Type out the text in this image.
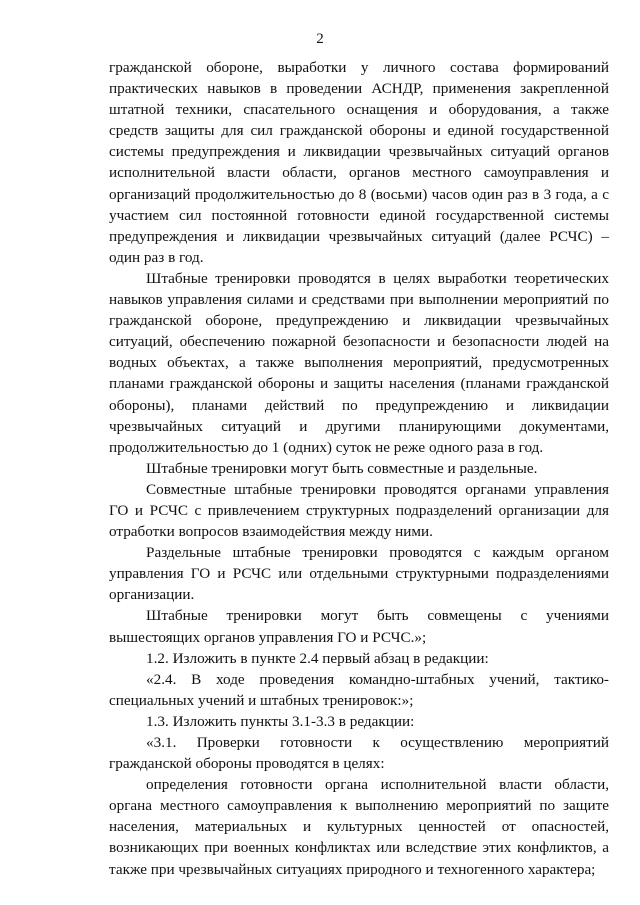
2

гражданской обороне, выработки у личного состава формирований практических навыков в проведении АСНДР, применения закрепленной штатной техники, спасательного оснащения и оборудования, а также средств защиты для сил гражданской обороны и единой государственной системы предупреждения и ликвидации чрезвычайных ситуаций органов исполнительной власти области, органов местного самоуправления и организаций продолжительностью до 8 (восьми) часов один раз в 3 года, а с участием сил постоянной готовности единой государственной системы предупреждения и ликвидации чрезвычайных ситуаций (далее РСЧС) – один раз в год.

Штабные тренировки проводятся в целях выработки теоретических навыков управления силами и средствами при выполнении мероприятий по гражданской обороне, предупреждению и ликвидации чрезвычайных ситуаций, обеспечению пожарной безопасности и безопасности людей на водных объектах, а также выполнения мероприятий, предусмотренных планами гражданской обороны и защиты населения (планами гражданской обороны), планами действий по предупреждению и ликвидации чрезвычайных ситуаций и другими планирующими документами, продолжительностью до 1 (одних) суток не реже одного раза в год.

Штабные тренировки могут быть совместные и раздельные.

Совместные штабные тренировки проводятся органами управления ГО и РСЧС с привлечением структурных подразделений организации для отработки вопросов взаимодействия между ними.

Раздельные штабные тренировки проводятся с каждым органом управления ГО и РСЧС или отдельными структурными подразделениями организации.

Штабные тренировки могут быть совмещены с учениями вышестоящих органов управления ГО и РСЧС.»;

1.2. Изложить в пункте 2.4 первый абзац в редакции:

«2.4. В ходе проведения командно-штабных учений, тактико-специальных учений и штабных тренировок:»;

1.3. Изложить пункты 3.1-3.3 в редакции:

«3.1. Проверки готовности к осуществлению мероприятий гражданской обороны проводятся в целях:

определения готовности органа исполнительной власти области, органа местного самоуправления к выполнению мероприятий по защите населения, материальных и культурных ценностей от опасностей, возникающих при военных конфликтах или вследствие этих конфликтов, а также при чрезвычайных ситуациях природного и техногенного характера;
